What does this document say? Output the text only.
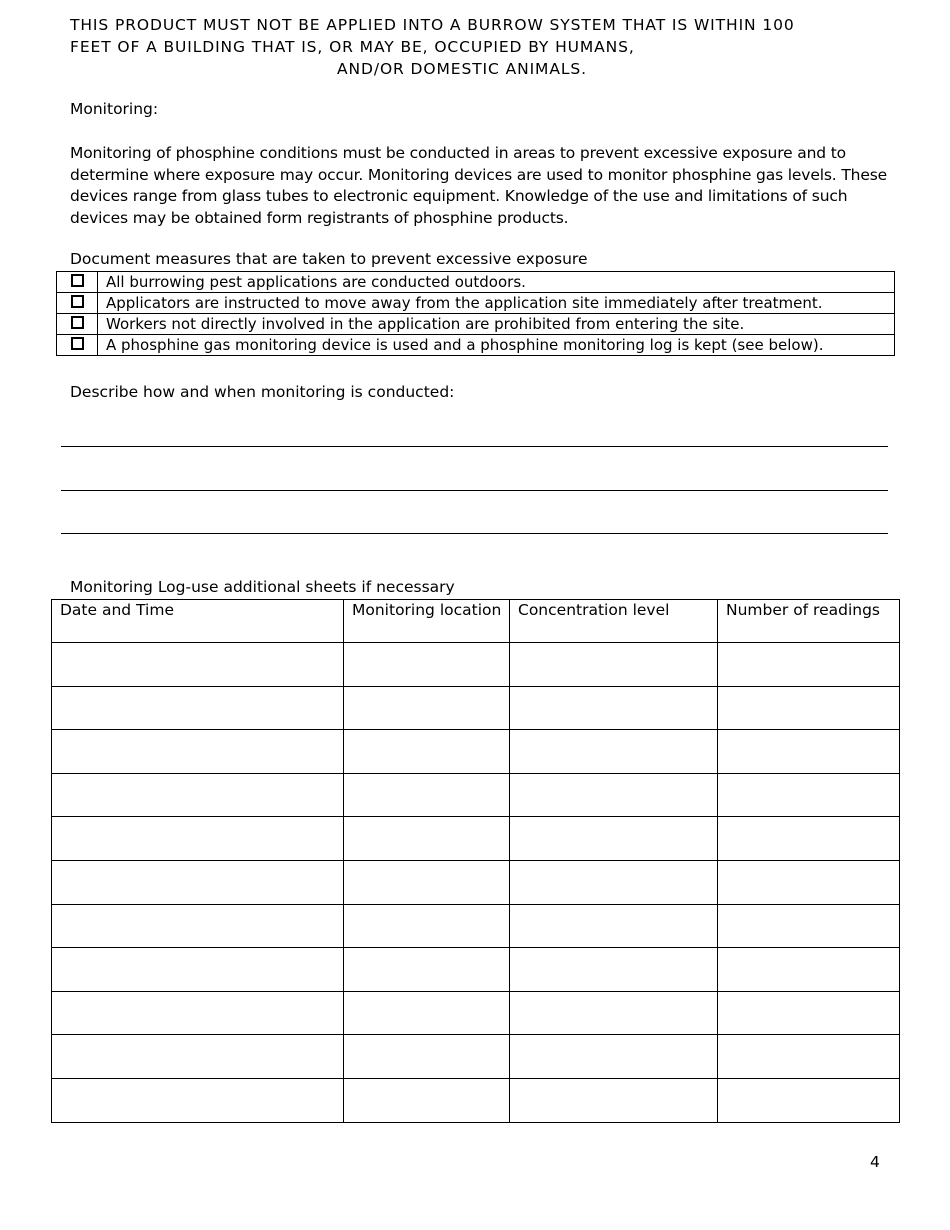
THIS PRODUCT MUST NOT BE APPLIED INTO A BURROW SYSTEM THAT IS WITHIN 100
FEET OF A BUILDING THAT IS, OR MAY BE, OCCUPIED BY HUMANS,
AND/OR DOMESTIC ANIMALS.
Monitoring:
Monitoring of phosphine conditions must be conducted in areas to prevent excessive exposure and to
determine where exposure may occur. Monitoring devices are used to monitor phosphine gas levels. These
devices range from glass tubes to electronic equipment. Knowledge of the use and limitations of such
devices may be obtained form registrants of phosphine products.
Document measures that are taken to prevent excessive exposure
	All burrowing pest applications are conducted outdoors.
	Applicators are instructed to move away from the application site immediately after treatment.
	Workers not directly involved in the application are prohibited from entering the site.
	A phosphine gas monitoring device is used and a phosphine monitoring log is kept (see below).
Describe how and when monitoring is conducted:
Monitoring Log-use additional sheets if necessary
Date and Time	Monitoring location	Concentration level	Number of readings

4
